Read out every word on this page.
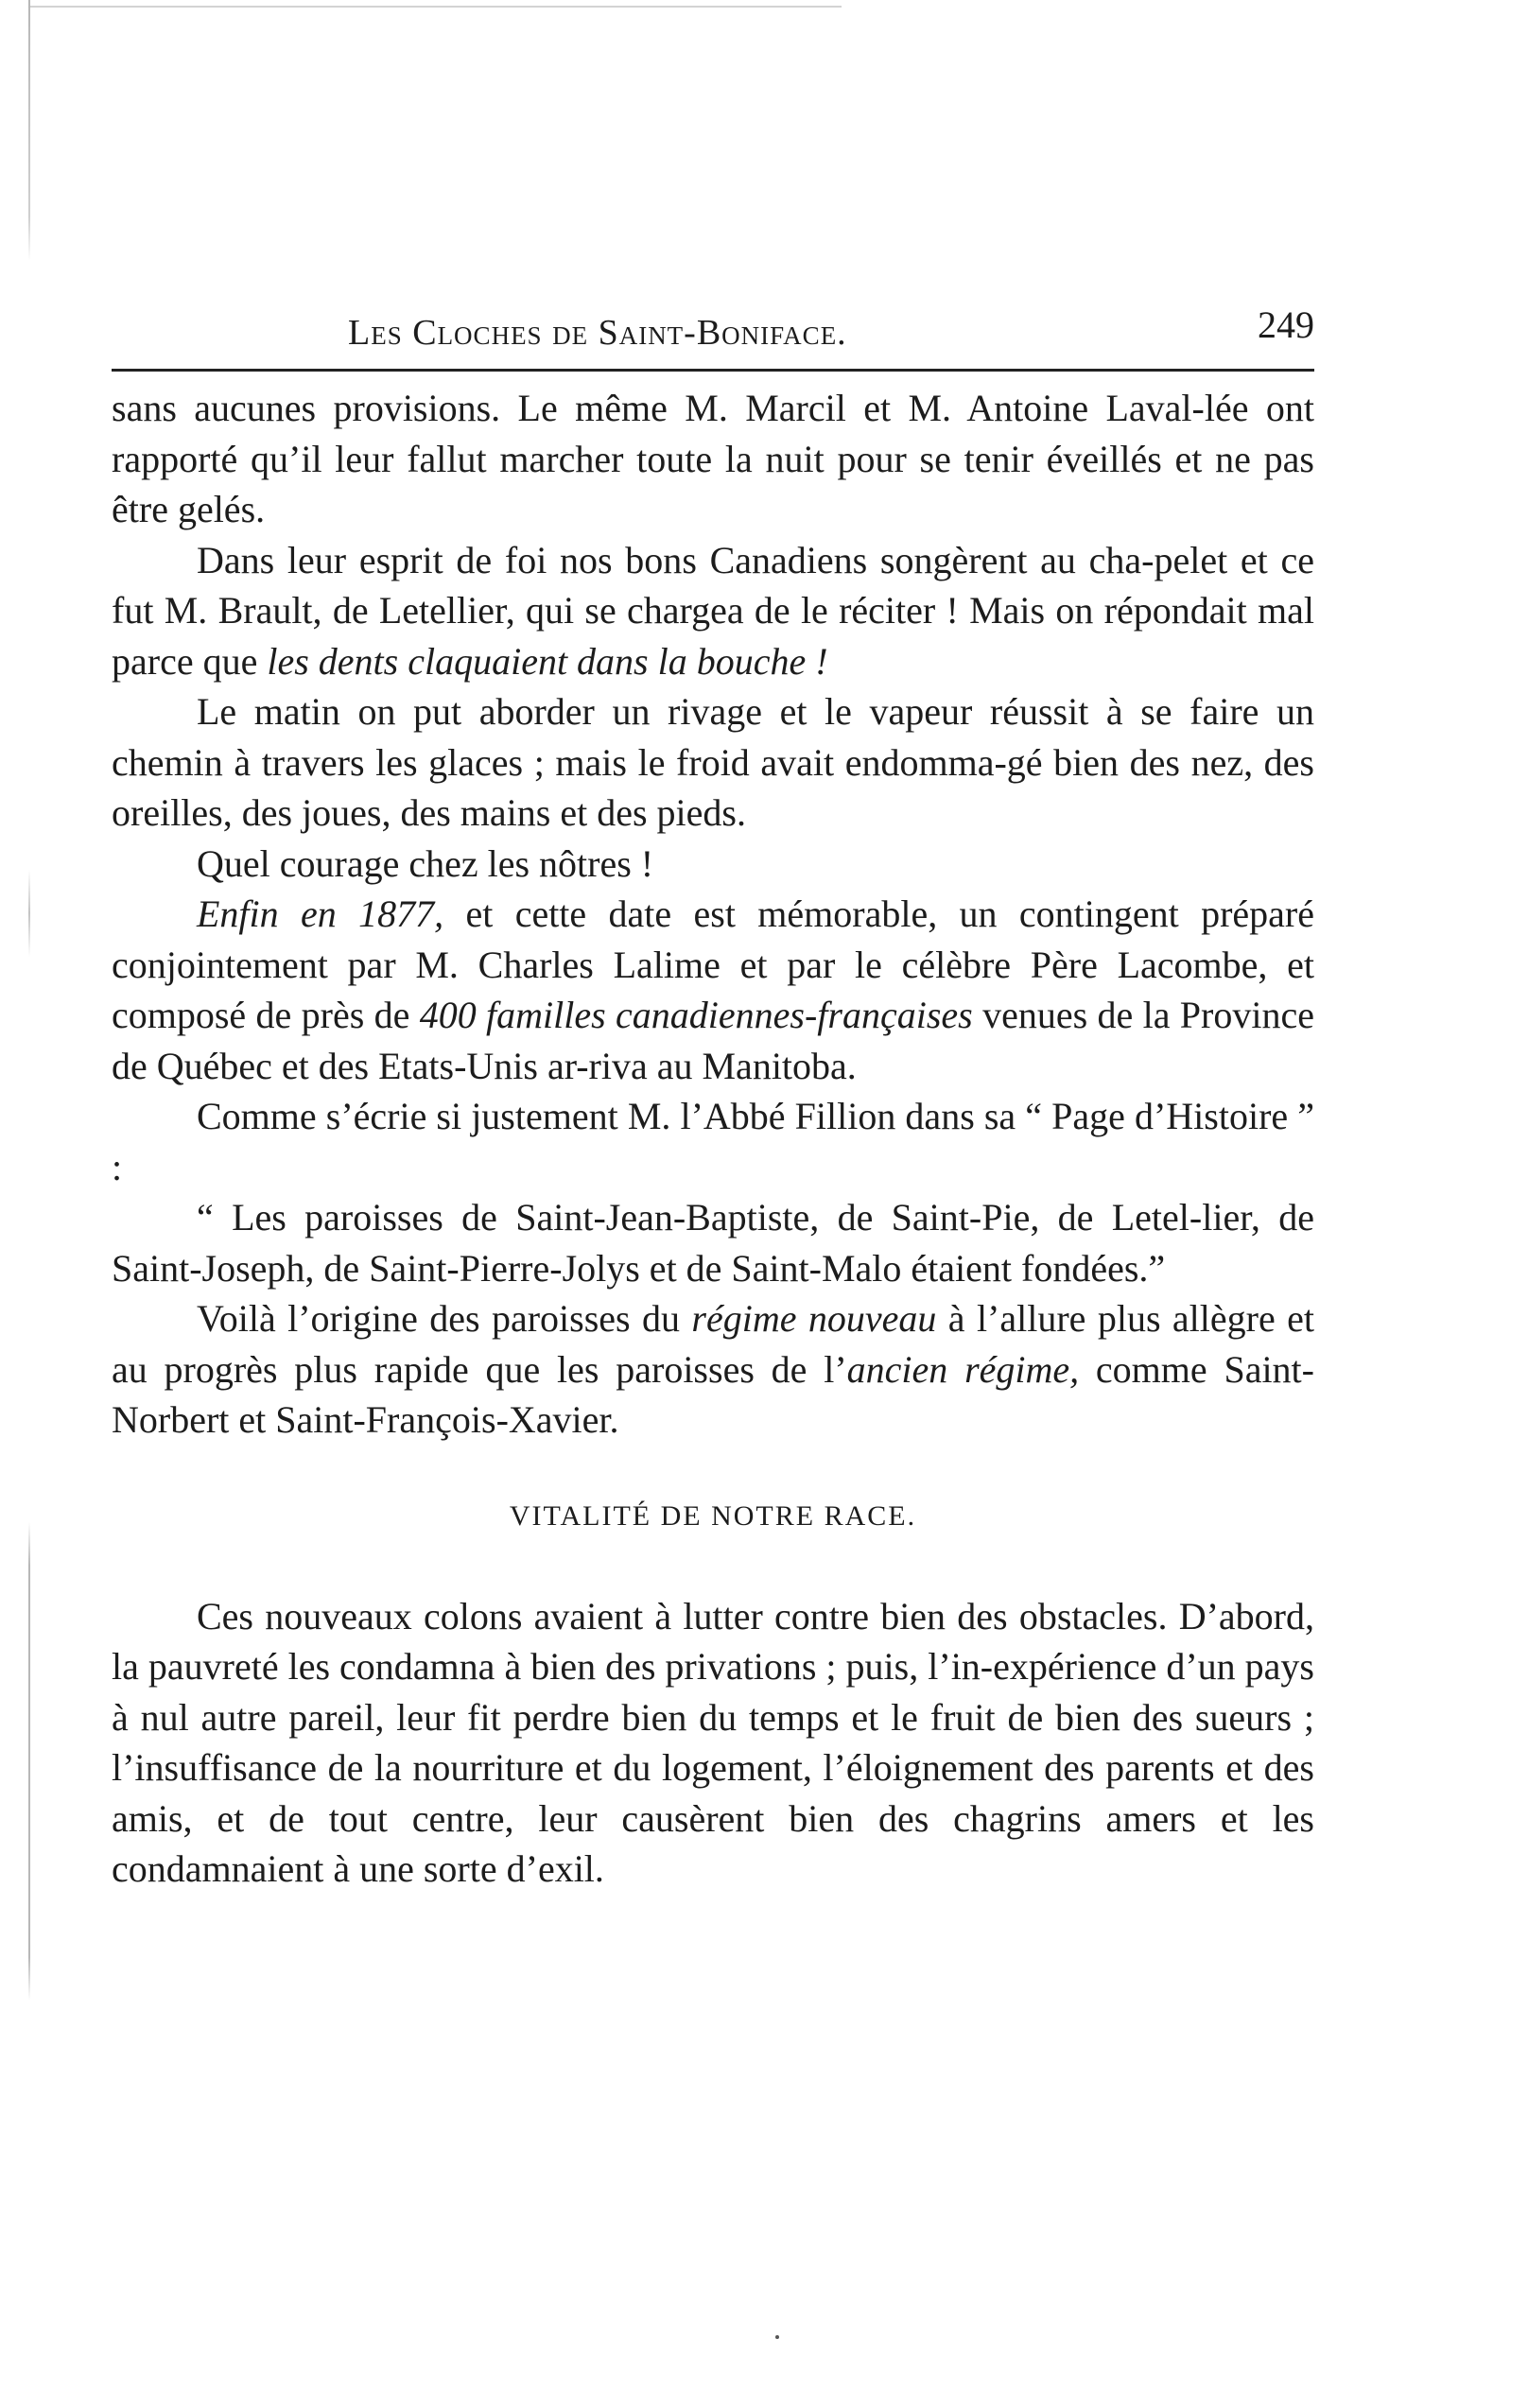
Les Cloches de Saint-Boniface.	249

sans aucunes provisions. Le même M. Marcil et M. Antoine Laval-lée ont rapporté qu’il leur fallut marcher toute la nuit pour se tenir éveillés et ne pas être gelés.

Dans leur esprit de foi nos bons Canadiens songèrent au cha-pelet et ce fut M. Brault, de Letellier, qui se chargea de le réciter ! Mais on répondait mal parce que les dents claquaient dans la bouche !

Le matin on put aborder un rivage et le vapeur réussit à se faire un chemin à travers les glaces ; mais le froid avait endomma-gé bien des nez, des oreilles, des joues, des mains et des pieds.

Quel courage chez les nôtres !

Enfin en 1877, et cette date est mémorable, un contingent préparé conjointement par M. Charles Lalime et par le célèbre Père Lacombe, et composé de près de 400 familles canadiennes-françaises venues de la Province de Québec et des Etats-Unis ar-riva au Manitoba.

Comme s’écrie si justement M. l’Abbé Fillion dans sa “ Page d’Histoire ” :

“ Les paroisses de Saint-Jean-Baptiste, de Saint-Pie, de Letel-lier, de Saint-Joseph, de Saint-Pierre-Jolys et de Saint-Malo étaient fondées.”

Voilà l’origine des paroisses du régime nouveau à l’allure plus allègre et au progrès plus rapide que les paroisses de l’ancien régime, comme Saint-Norbert et Saint-François-Xavier.

VITALITÉ DE NOTRE RACE.

Ces nouveaux colons avaient à lutter contre bien des obstacles. D’abord, la pauvreté les condamna à bien des privations ; puis, l’in-expérience d’un pays à nul autre pareil, leur fit perdre bien du temps et le fruit de bien des sueurs ; l’insuffisance de la nourriture et du logement, l’éloignement des parents et des amis, et de tout centre, leur causèrent bien des chagrins amers et les condamnaient à une sorte d’exil.
